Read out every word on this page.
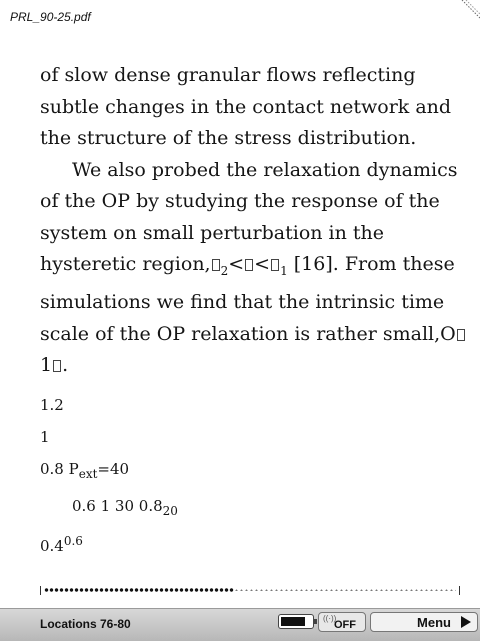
PRL_90-25.pdf

of slow dense granular flows reflecting subtle changes in the contact network and the structure of the stress distribution.

We also probed the relaxation dynamics of the OP by studying the response of the system on small perturbation in the hysteretic region, $_2$< < $_1$ [16]. From these simulations we find that the intrinsic time scale of the OP relaxation is rather small,O1 .

1.2
1
0.8 $P_{ext}=40$
0.6 1 30 $0.8_{20}$
$0.4^{0.6}$
Locations 76-80	((·))
OFF	Menu
